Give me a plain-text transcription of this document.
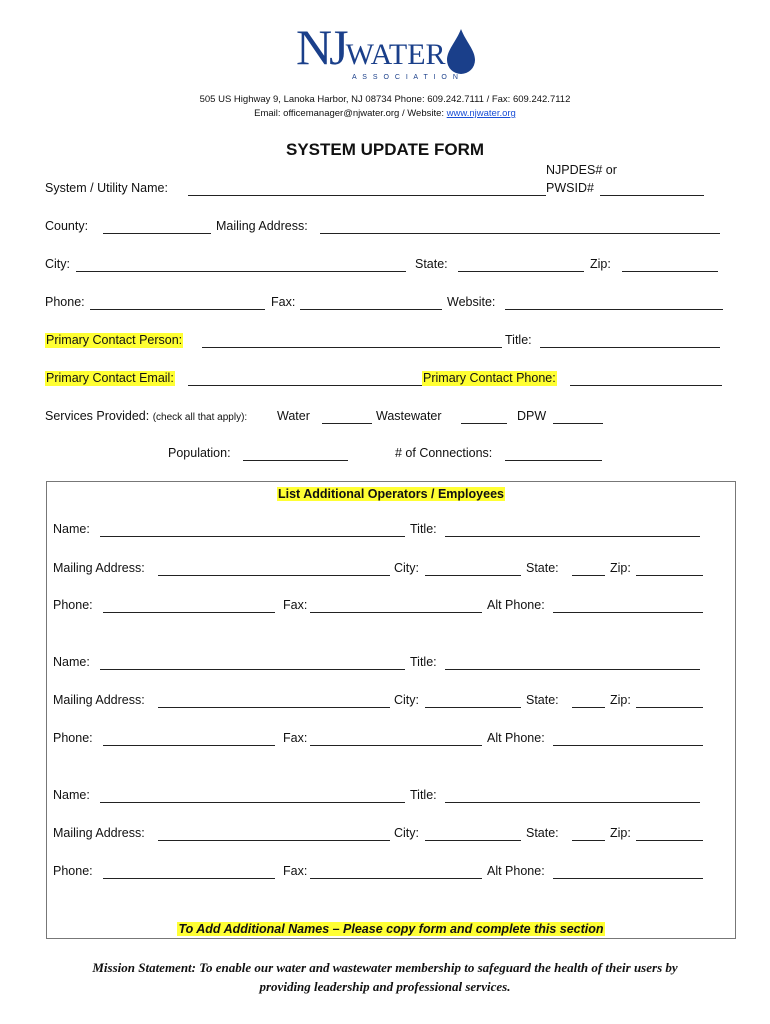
NJWATER
A S S O C I A T I O N
505 US Highway 9, Lanoka Harbor, NJ 08734 Phone: 609.242.7111 / Fax: 609.242.7112
Email: officemanager@njwater.org / Website: www.njwater.org
SYSTEM UPDATE FORM
System / Utility Name:
NJPDES# or
PWSID#
County:	Mailing Address:
City:	State:	Zip:
Phone:	Fax:	Website:
Primary Contact Person:	Title:
Primary Contact Email:	Primary Contact Phone:
Services Provided: (check all that apply): Water	Wastewater	DPW
Population:	# of Connections:
List Additional Operators / Employees
Name:	Title:
Mailing Address:	City:	State:	Zip:
Phone:	Fax:	Alt Phone:
Name:	Title:
Mailing Address:	City:	State:	Zip:
Phone:	Fax:	Alt Phone:
Name:	Title:
Mailing Address:	City:	State:	Zip:
Phone:	Fax:	Alt Phone:
To Add Additional Names – Please copy form and complete this section
Mission Statement: To enable our water and wastewater membership to safeguard the health of their users by
providing leadership and professional services.
